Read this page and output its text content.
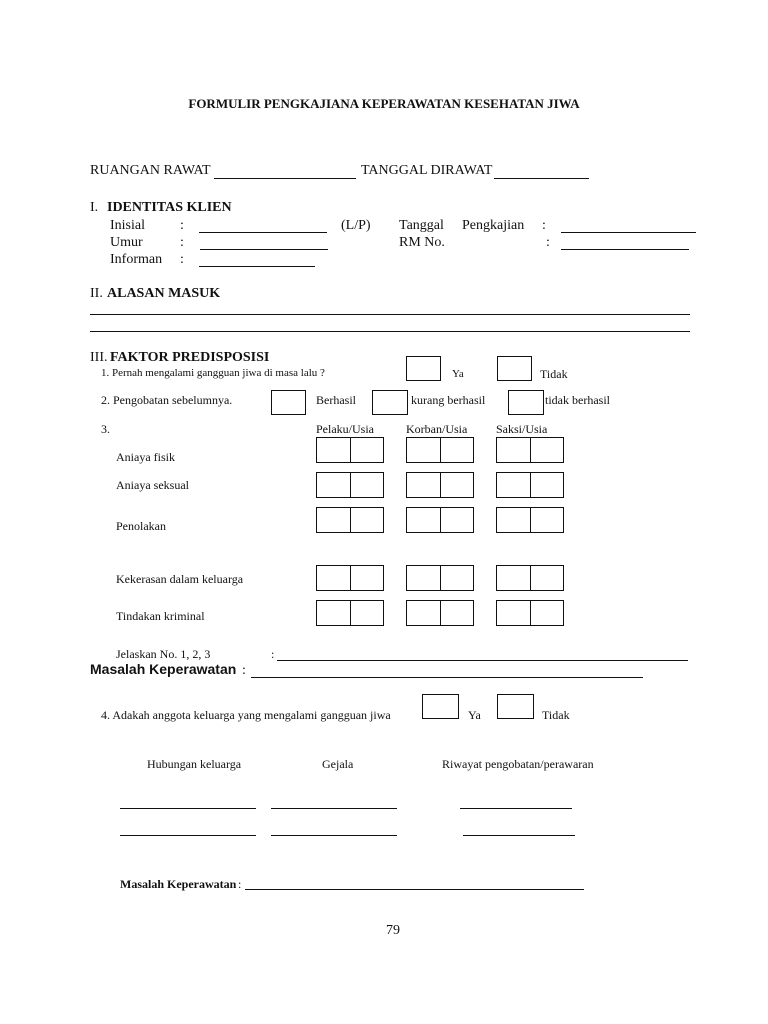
FORMULIR PENGKAJIANA KEPERAWATAN KESEHATAN JIWA
RUANGAN RAWAT	TANGGAL DIRAWAT
I. IDENTITAS KLIEN
Inisial	:	(L/P) Tanggal Pengkajian :
Umur	:	RM No.	:
Informan :
II. ALASAN MASUK
III. FAKTOR PREDISPOSISI
1. Pernah mengalami gangguan jiwa di masa lalu ?	Ya	Tidak
2. Pengobatan sebelumnya.	Berhasil	kurang berhasil	tidak berhasil
3.	Pelaku/Usia	Korban/Usia Saksi/Usia
Aniaya fisik
Aniaya seksual
Penolakan
Kekerasan dalam keluarga
Tindakan kriminal
Jelaskan No. 1, 2, 3	:
Masalah Keperawatan :
4. Adakah anggota keluarga yang mengalami gangguan jiwa	Ya	Tidak
Hubungan keluarga	Gejala	Riwayat pengobatan/perawaran
Masalah Keperawatan :
79
